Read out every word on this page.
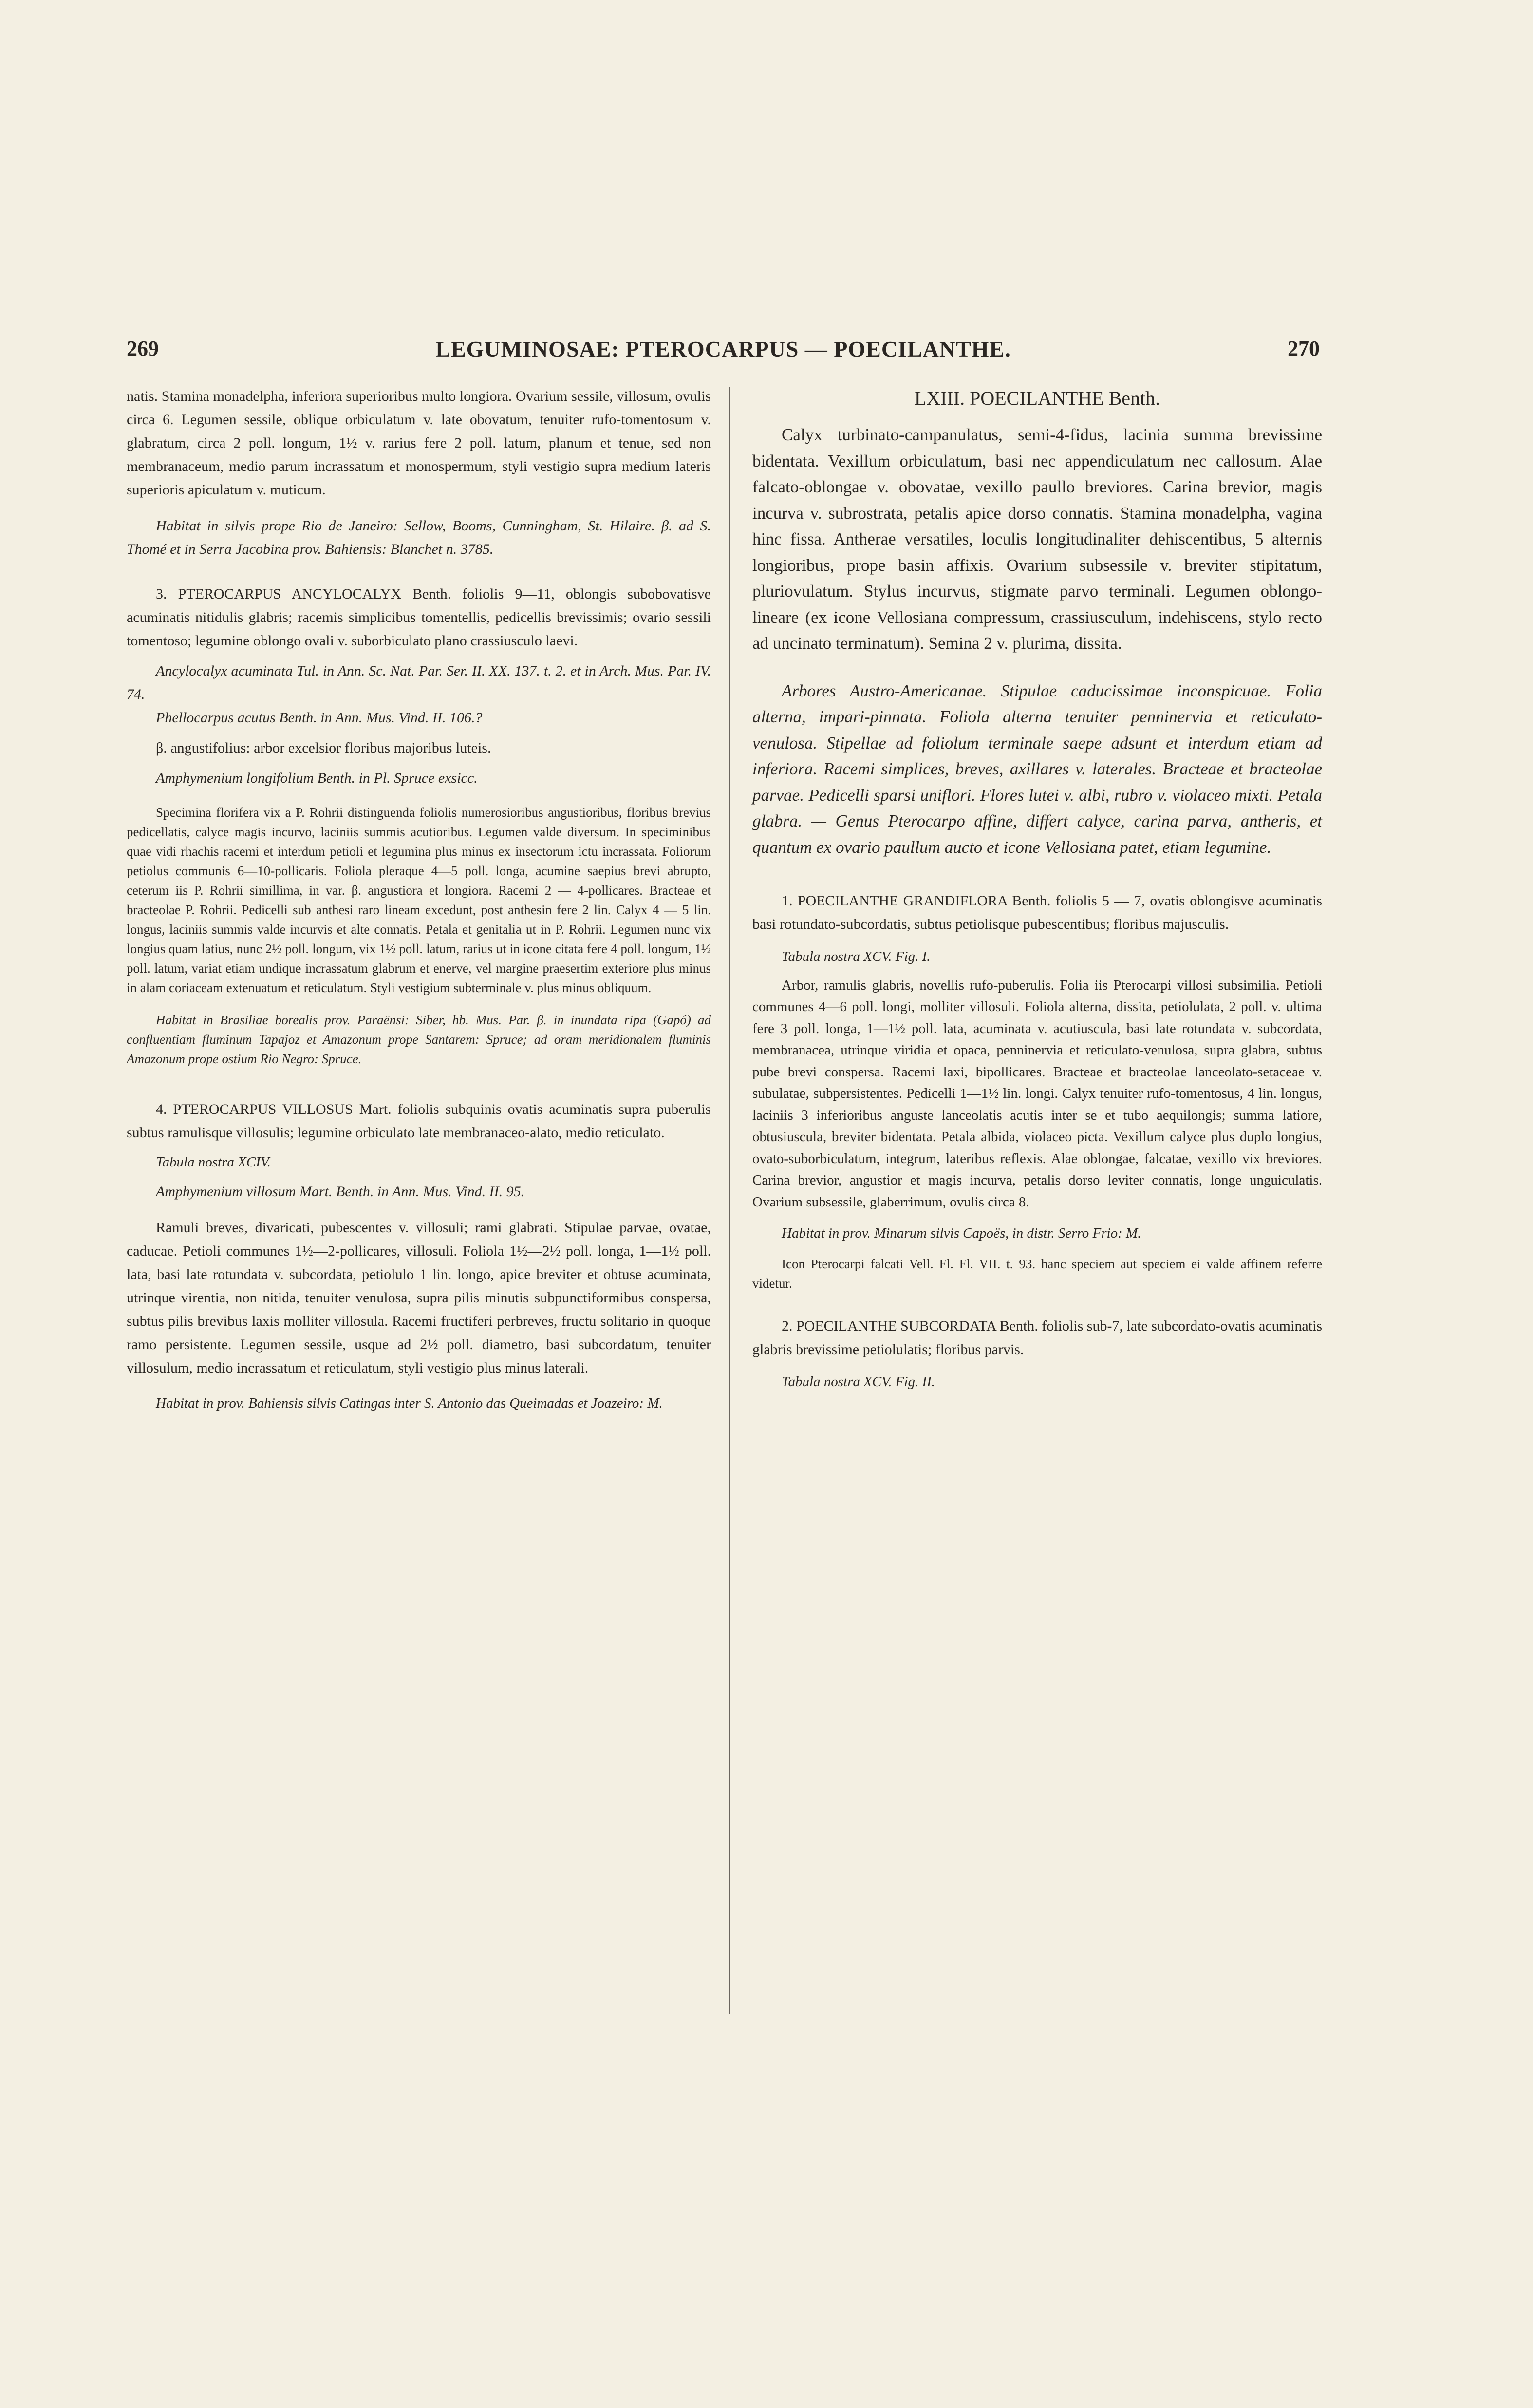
269	LEGUMINOSAE: PTEROCARPUS — POECILANTHE.	270

natis. Stamina monadelpha, inferiora superioribus multo longiora. Ovarium sessile, villosum, ovulis circa 6. Legumen sessile, oblique orbiculatum v. late obovatum, tenuiter rufo-tomentosum v. glabratum, circa 2 poll. longum, 1½ v. rarius fere 2 poll. latum, planum et tenue, sed non membranaceum, medio parum incrassatum et monospermum, styli vestigio supra medium lateris superioris apiculatum v. muticum.

Habitat in silvis prope Rio de Janeiro: Sellow, Booms, Cunningham, St. Hilaire. β. ad S. Thomé et in Serra Jacobina prov. Bahiensis: Blanchet n. 3785.

3. PTEROCARPUS ANCYLOCALYX Benth. foliolis 9—11, oblongis subobovatisve acuminatis nitidulis glabris; racemis simplicibus tomentellis, pedicellis brevissimis; ovario sessili tomentoso; legumine oblongo ovali v. suborbiculato plano crassiusculo laevi.

Ancylocalyx acuminata Tul. in Ann. Sc. Nat. Par. Ser. II. XX. 137. t. 2. et in Arch. Mus. Par. IV. 74.

Phellocarpus acutus Benth. in Ann. Mus. Vind. II. 106.?

β. angustifolius: arbor excelsior floribus majoribus luteis.

Amphymenium longifolium Benth. in Pl. Spruce exsicc.

Specimina florifera vix a P. Rohrii distinguenda foliolis numerosioribus angustioribus, floribus brevius pedicellatis, calyce magis incurvo, laciniis summis acutioribus. Legumen valde diversum. In speciminibus quae vidi rhachis racemi et interdum petioli et legumina plus minus ex insectorum ictu incrassata. Foliorum petiolus communis 6—10-pollicaris. Foliola pleraque 4—5 poll. longa, acumine saepius brevi abrupto, ceterum iis P. Rohrii simillima, in var. β. angustiora et longiora. Racemi 2 — 4-pollicares. Bracteae et bracteolae P. Rohrii. Pedicelli sub anthesi raro lineam excedunt, post anthesin fere 2 lin. Calyx 4 — 5 lin. longus, laciniis summis valde incurvis et alte connatis. Petala et genitalia ut in P. Rohrii. Legumen nunc vix longius quam latius, nunc 2½ poll. longum, vix 1½ poll. latum, rarius ut in icone citata fere 4 poll. longum, 1½ poll. latum, variat etiam undique incrassatum glabrum et enerve, vel margine praesertim exteriore plus minus in alam coriaceam extenuatum et reticulatum. Styli vestigium subterminale v. plus minus obliquum.

Habitat in Brasiliae borealis prov. Paraënsi: Siber, hb. Mus. Par. β. in inundata ripa (Gapó) ad confluentiam fluminum Tapajoz et Amazonum prope Santarem: Spruce; ad oram meridionalem fluminis Amazonum prope ostium Rio Negro: Spruce.

4. PTEROCARPUS VILLOSUS Mart. foliolis subquinis ovatis acuminatis supra puberulis subtus ramulisque villosulis; legumine orbiculato late membranaceo-alato, medio reticulato.

Tabula nostra XCIV.

Amphymenium villosum Mart. Benth. in Ann. Mus. Vind. II. 95.

Ramuli breves, divaricati, pubescentes v. villosuli; rami glabrati. Stipulae parvae, ovatae, caducae. Petioli communes 1½—2-pollicares, villosuli. Foliola 1½—2½ poll. longa, 1—1½ poll. lata, basi late rotundata v. subcordata, petiolulo 1 lin. longo, apice breviter et obtuse acuminata, utrinque virentia, non nitida, tenuiter venulosa, supra pilis minutis subpunctiformibus conspersa, subtus pilis brevibus laxis molliter villosula. Racemi fructiferi perbreves, fructu solitario in quoque ramo persistente. Legumen sessile, usque ad 2½ poll. diametro, basi subcordatum, tenuiter villosulum, medio incrassatum et reticulatum, styli vestigio plus minus laterali.

Habitat in prov. Bahiensis silvis Catingas inter S. Antonio das Queimadas et Joazeiro: M.

LXIII. POECILANTHE Benth.

Calyx turbinato-campanulatus, semi-4-fidus, lacinia summa brevissime bidentata. Vexillum orbiculatum, basi nec appendiculatum nec callosum. Alae falcato-oblongae v. obovatae, vexillo paullo breviores. Carina brevior, magis incurva v. subrostrata, petalis apice dorso connatis. Stamina monadelpha, vagina hinc fissa. Antherae versatiles, loculis longitudinaliter dehiscentibus, 5 alternis longioribus, prope basin affixis. Ovarium subsessile v. breviter stipitatum, pluriovulatum. Stylus incurvus, stigmate parvo terminali. Legumen oblongo-lineare (ex icone Vellosiana compressum, crassiusculum, indehiscens, stylo recto ad uncinato terminatum). Semina 2 v. plurima, dissita.

Arbores Austro-Americanae. Stipulae caducissimae inconspicuae. Folia alterna, impari-pinnata. Foliola alterna tenuiter penninervia et reticulato-venulosa. Stipellae ad foliolum terminale saepe adsunt et interdum etiam ad inferiora. Racemi simplices, breves, axillares v. laterales. Bracteae et bracteolae parvae. Pedicelli sparsi uniflori. Flores lutei v. albi, rubro v. violaceo mixti. Petala glabra. — Genus Pterocarpo affine, differt calyce, carina parva, antheris, et quantum ex ovario paullum aucto et icone Vellosiana patet, etiam legumine.

1. POECILANTHE GRANDIFLORA Benth. foliolis 5 — 7, ovatis oblongisve acuminatis basi rotundato-subcordatis, subtus petiolisque pubescentibus; floribus majusculis.

Tabula nostra XCV. Fig. I.

Arbor, ramulis glabris, novellis rufo-puberulis. Folia iis Pterocarpi villosi subsimilia. Petioli communes 4—6 poll. longi, molliter villosuli. Foliola alterna, dissita, petiolulata, 2 poll. v. ultima fere 3 poll. longa, 1—1½ poll. lata, acuminata v. acutiuscula, basi late rotundata v. subcordata, membranacea, utrinque viridia et opaca, penninervia et reticulato-venulosa, supra glabra, subtus pube brevi conspersa. Racemi laxi, bipollicares. Bracteae et bracteolae lanceolato-setaceae v. subulatae, subpersistentes. Pedicelli 1—1½ lin. longi. Calyx tenuiter rufo-tomentosus, 4 lin. longus, laciniis 3 inferioribus anguste lanceolatis acutis inter se et tubo aequilongis; summa latiore, obtusiuscula, breviter bidentata. Petala albida, violaceo picta. Vexillum calyce plus duplo longius, ovato-suborbiculatum, integrum, lateribus reflexis. Alae oblongae, falcatae, vexillo vix breviores. Carina brevior, angustior et magis incurva, petalis dorso leviter connatis, longe unguiculatis. Ovarium subsessile, glaberrimum, ovulis circa 8.

Habitat in prov. Minarum silvis Capoës, in distr. Serro Frio: M.

Icon Pterocarpi falcati Vell. Fl. Fl. VII. t. 93. hanc speciem aut speciem ei valde affinem referre videtur.

2. POECILANTHE SUBCORDATA Benth. foliolis sub-7, late subcordato-ovatis acuminatis glabris brevissime petiolulatis; floribus parvis.

Tabula nostra XCV. Fig. II.
